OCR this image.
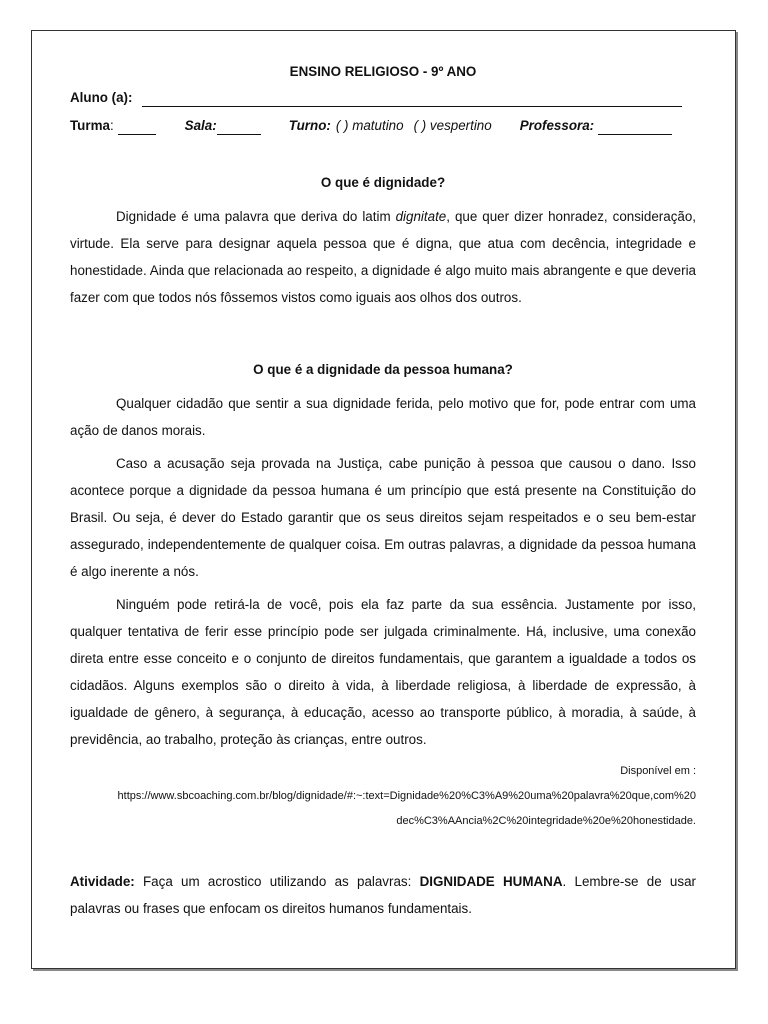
ENSINO RELIGIOSO - 9º ANO
Aluno (a):
Turma :	Sala:	Turno: ( ) matutino ( ) vespertino Professora:
O que é dignidade?

Dignidade é uma palavra que deriva do latim dignitate, que quer dizer honradez, consideração, virtude. Ela serve para designar aquela pessoa que é digna, que atua com decência, integridade e honestidade. Ainda que relacionada ao respeito, a dignidade é algo muito mais abrangente e que deveria fazer com que todos nós fôssemos vistos como iguais aos olhos dos outros.

O que é a dignidade da pessoa humana?

Qualquer cidadão que sentir a sua dignidade ferida, pelo motivo que for, pode entrar com uma ação de danos morais.

Caso a acusação seja provada na Justiça, cabe punição à pessoa que causou o dano. Isso acontece porque a dignidade da pessoa humana é um princípio que está presente na Constituição do Brasil. Ou seja, é dever do Estado garantir que os seus direitos sejam respeitados e o seu bem-estar assegurado, independentemente de qualquer coisa. Em outras palavras, a dignidade da pessoa humana é algo inerente a nós.

Ninguém pode retirá-la de você, pois ela faz parte da sua essência. Justamente por isso, qualquer tentativa de ferir esse princípio pode ser julgada criminalmente. Há, inclusive, uma conexão direta entre esse conceito e o conjunto de direitos fundamentais, que garantem a igualdade a todos os cidadãos. Alguns exemplos são o direito à vida, à liberdade religiosa, à liberdade de expressão, à igualdade de gênero, à segurança, à educação, acesso ao transporte público, à moradia, à saúde, à previdência, ao trabalho, proteção às crianças, entre outros.

Disponível em :
https://www.sbcoaching.com.br/blog/dignidade/#:~:text=Dignidade%20%C3%A9%20uma%20palavra%20que,com%20
dec%C3%AAncia%2C%20integridade%20e%20honestidade.

Atividade: Faça um acrostico utilizando as palavras: DIGNIDADE HUMANA. Lembre-se de usar palavras ou frases que enfocam os direitos humanos fundamentais.
